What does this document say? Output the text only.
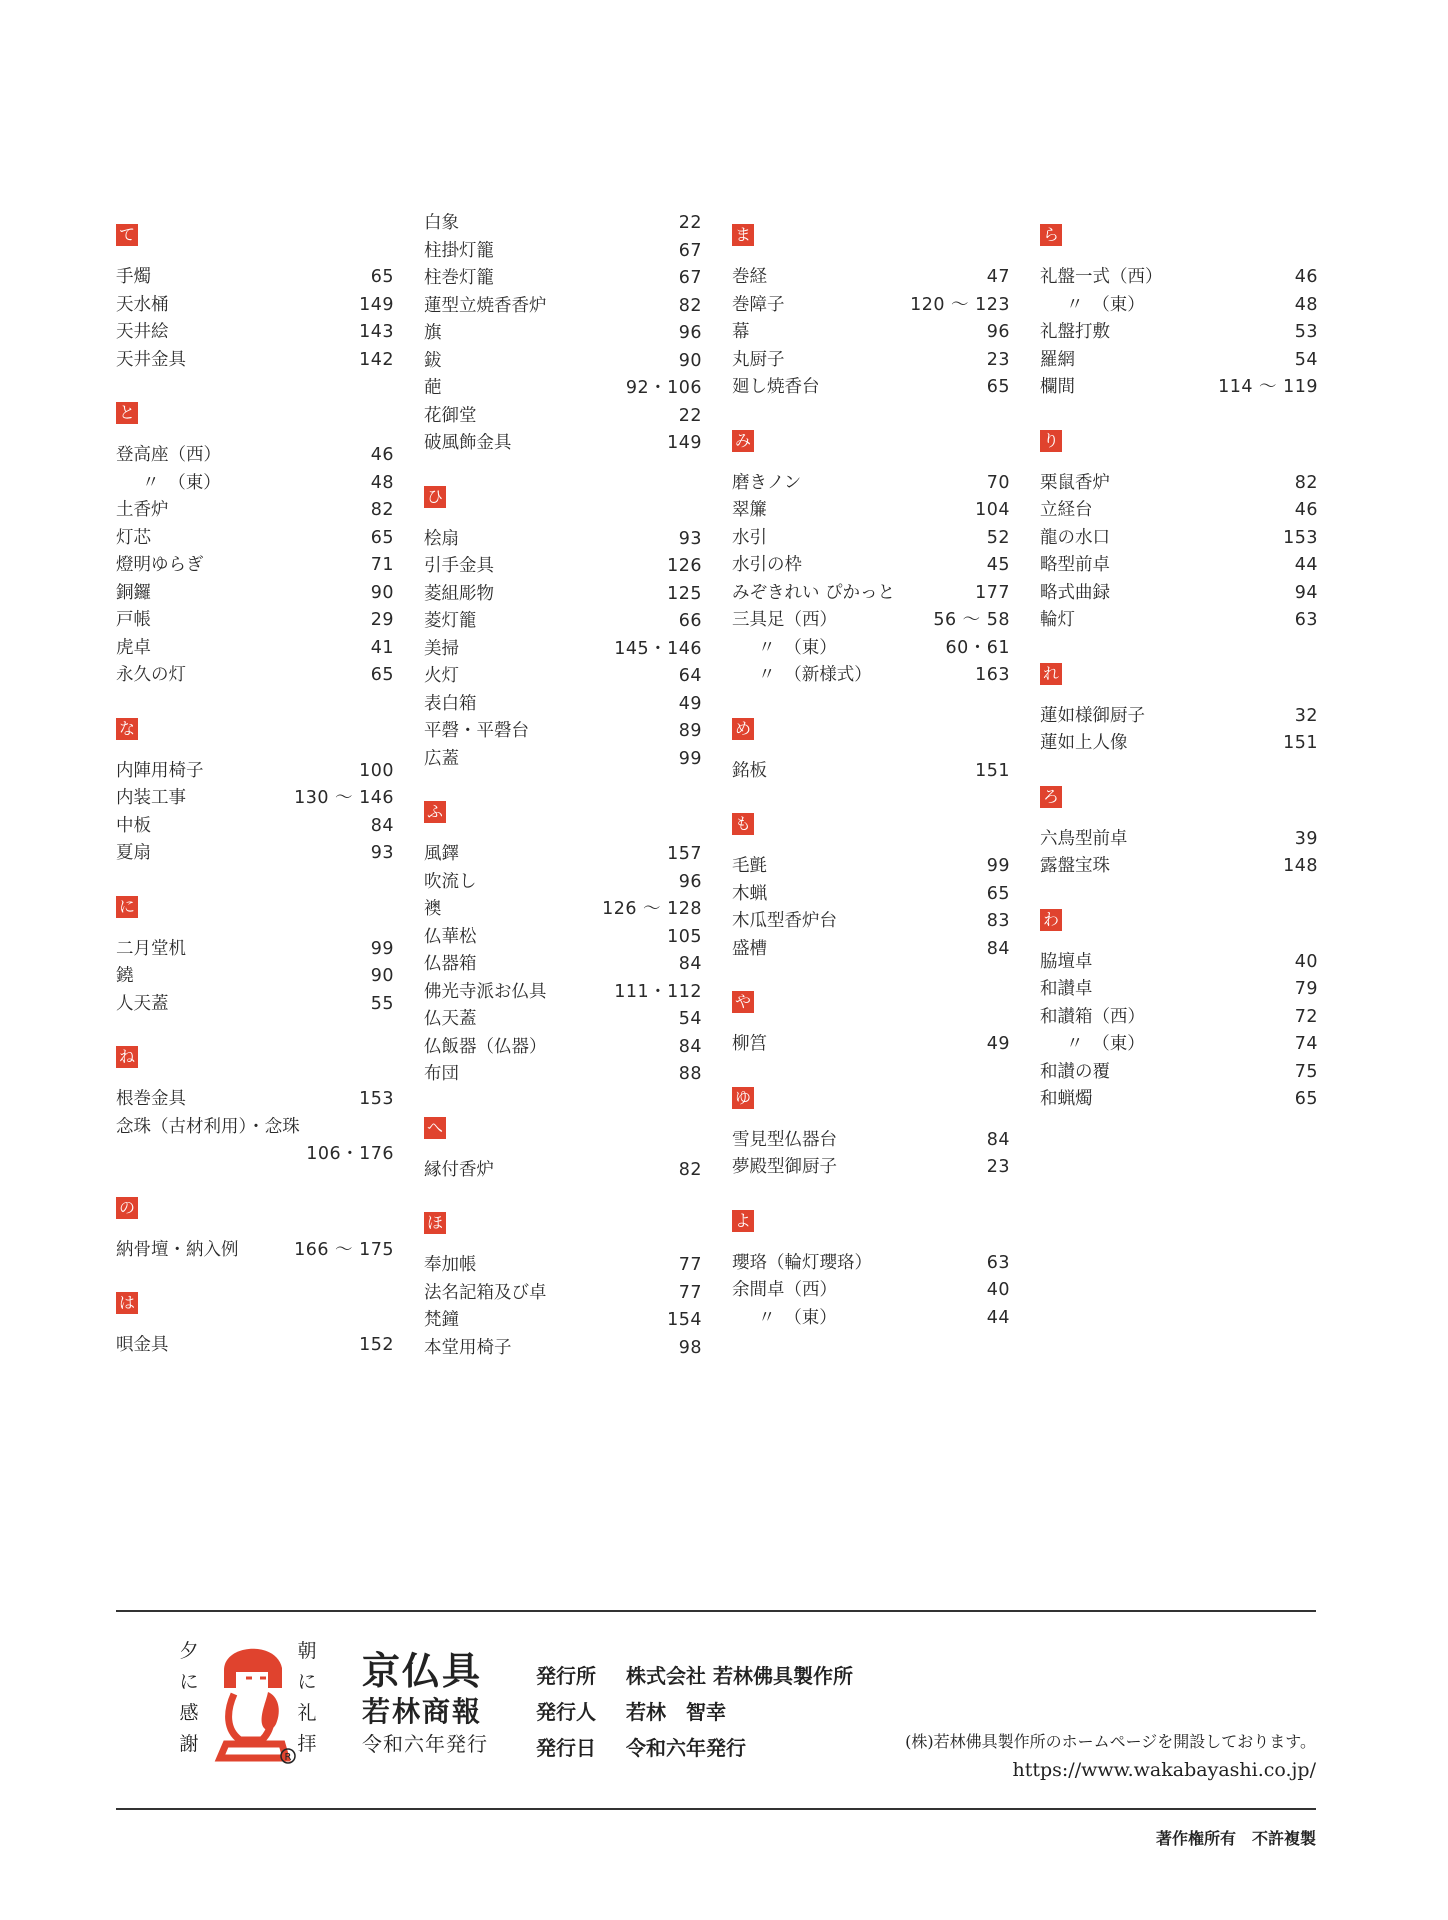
て
手燭	65
天水桶	149
天井絵	143
天井金具	142
と
登高座（西）	46
〃　（東）	48
土香炉	82
灯芯	65
燈明ゆらぎ	71
銅鑼	90
戸帳	29
虎卓	41
永久の灯	65
な
内陣用椅子	100
内装工事	130 ～ 146
中板	84
夏扇	93
に
二月堂机	99
鐃	90
人天蓋	55
ね
根巻金具	153
念珠（古材利用）・念珠
106・176
の
納骨壇・納入例	166 ～ 175
は
唄金具	152
白象	22
柱掛灯籠	67
柱巻灯籠	67
蓮型立焼香香炉	82
旗	96
鈸	90
葩	92・106
花御堂	22
破風飾金具	149
ひ
桧扇	93
引手金具	126
菱組彫物	125
菱灯籠	66
美掃	145・146
火灯	64
表白箱	49
平磬・平磬台	89
広蓋	99
ふ
風鐸	157
吹流し	96
襖	126 ～ 128
仏華松	105
仏器箱	84
佛光寺派お仏具	111・112
仏天蓋	54
仏飯器（仏器）	84
布団	88
へ
縁付香炉	82
ほ
奉加帳	77
法名記箱及び卓	77
梵鐘	154
本堂用椅子	98
ま
巻経	47
巻障子	120 ～ 123
幕	96
丸厨子	23
廻し焼香台	65
み
磨きノン	70
翠簾	104
水引	52
水引の枠	45
みぞきれい ぴかっと	177
三具足（西）	56 ～ 58
〃　（東）	60・61
〃　（新様式）	163
め
銘板	151
も
毛氈	99
木蝋	65
木瓜型香炉台	83
盛槽	84
や
柳筥	49
ゆ
雪見型仏器台	84
夢殿型御厨子	23
よ
瓔珞（輪灯瓔珞）	63
余間卓（西）	40
〃　（東）	44
ら
礼盤一式（西）	46
〃　（東）	48
礼盤打敷	53
羅網	54
欄間	114 ～ 119
り
栗鼠香炉	82
立経台	46
龍の水口	153
略型前卓	44
略式曲録	94
輪灯	63
れ
蓮如様御厨子	32
蓮如上人像	151
ろ
六鳥型前卓	39
露盤宝珠	148
わ
脇壇卓	40
和讃卓	79
和讃箱（西）	72
〃　（東）	74
和讃の覆	75
和蝋燭	65
夕に感謝
R
朝に礼拝
京仏具
若林商報
令和六年発行
発行所 株式会社 若林佛具製作所
発行人 若林　智幸
発行日 令和六年発行	(株)若林佛具製作所のホームページを開設しております。
https://www.wakabayashi.co.jp/
著作権所有　不許複製
